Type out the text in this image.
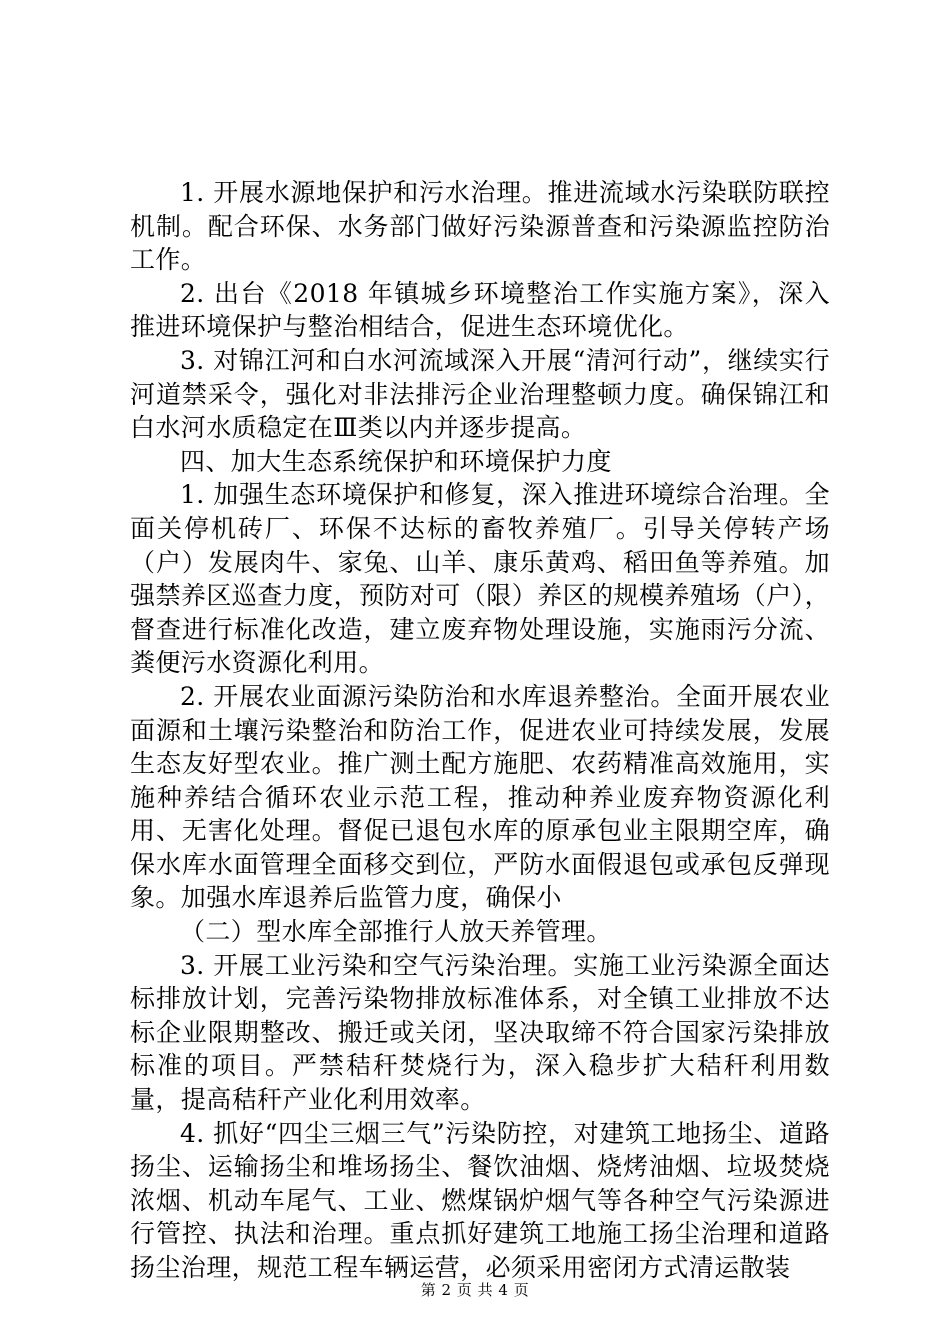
1. 开展水源地保护和污水治理。推进流域水污染联防联控机制。配合环保、水务部门做好污染源普查和污染源监控防治工作。

2. 出台《2018 年镇城乡环境整治工作实施方案》，深入推进环境保护与整治相结合，促进生态环境优化。

3. 对锦江河和白水河流域深入开展“清河行动”，继续实行河道禁采令，强化对非法排污企业治理整顿力度。确保锦江和白水河水质稳定在Ⅲ类以内并逐步提高。

四、加大生态系统保护和环境保护力度

1. 加强生态环境保护和修复，深入推进环境综合治理。全面关停机砖厂、环保不达标的畜牧养殖厂。引导关停转产场（户）发展肉牛、家兔、山羊、康乐黄鸡、稻田鱼等养殖。加强禁养区巡查力度，预防对可（限）养区的规模养殖场（户），督查进行标准化改造，建立废弃物处理设施，实施雨污分流、粪便污水资源化利用。

2. 开展农业面源污染防治和水库退养整治。全面开展农业面源和土壤污染整治和防治工作，促进农业可持续发展，发展生态友好型农业。推广测土配方施肥、农药精准高效施用，实施种养结合循环农业示范工程，推动种养业废弃物资源化利用、无害化处理。督促已退包水库的原承包业主限期空库，确保水库水面管理全面移交到位，严防水面假退包或承包反弹现象。加强水库退养后监管力度，确保小

（二）型水库全部推行人放天养管理。

3. 开展工业污染和空气污染治理。实施工业污染源全面达标排放计划，完善污染物排放标准体系，对全镇工业排放不达标企业限期整改、搬迁或关闭，坚决取缔不符合国家污染排放标准的项目。严禁秸秆焚烧行为，深入稳步扩大秸秆利用数量，提高秸秆产业化利用效率。

4. 抓好“四尘三烟三气”污染防控，对建筑工地扬尘、道路扬尘、运输扬尘和堆场扬尘、餐饮油烟、烧烤油烟、垃圾焚烧浓烟、机动车尾气、工业、燃煤锅炉烟气等各种空气污染源进行管控、执法和治理。重点抓好建筑工地施工扬尘治理和道路扬尘治理，规范工程车辆运营，必须采用密闭方式清运散装

第 2 页 共 4 页
